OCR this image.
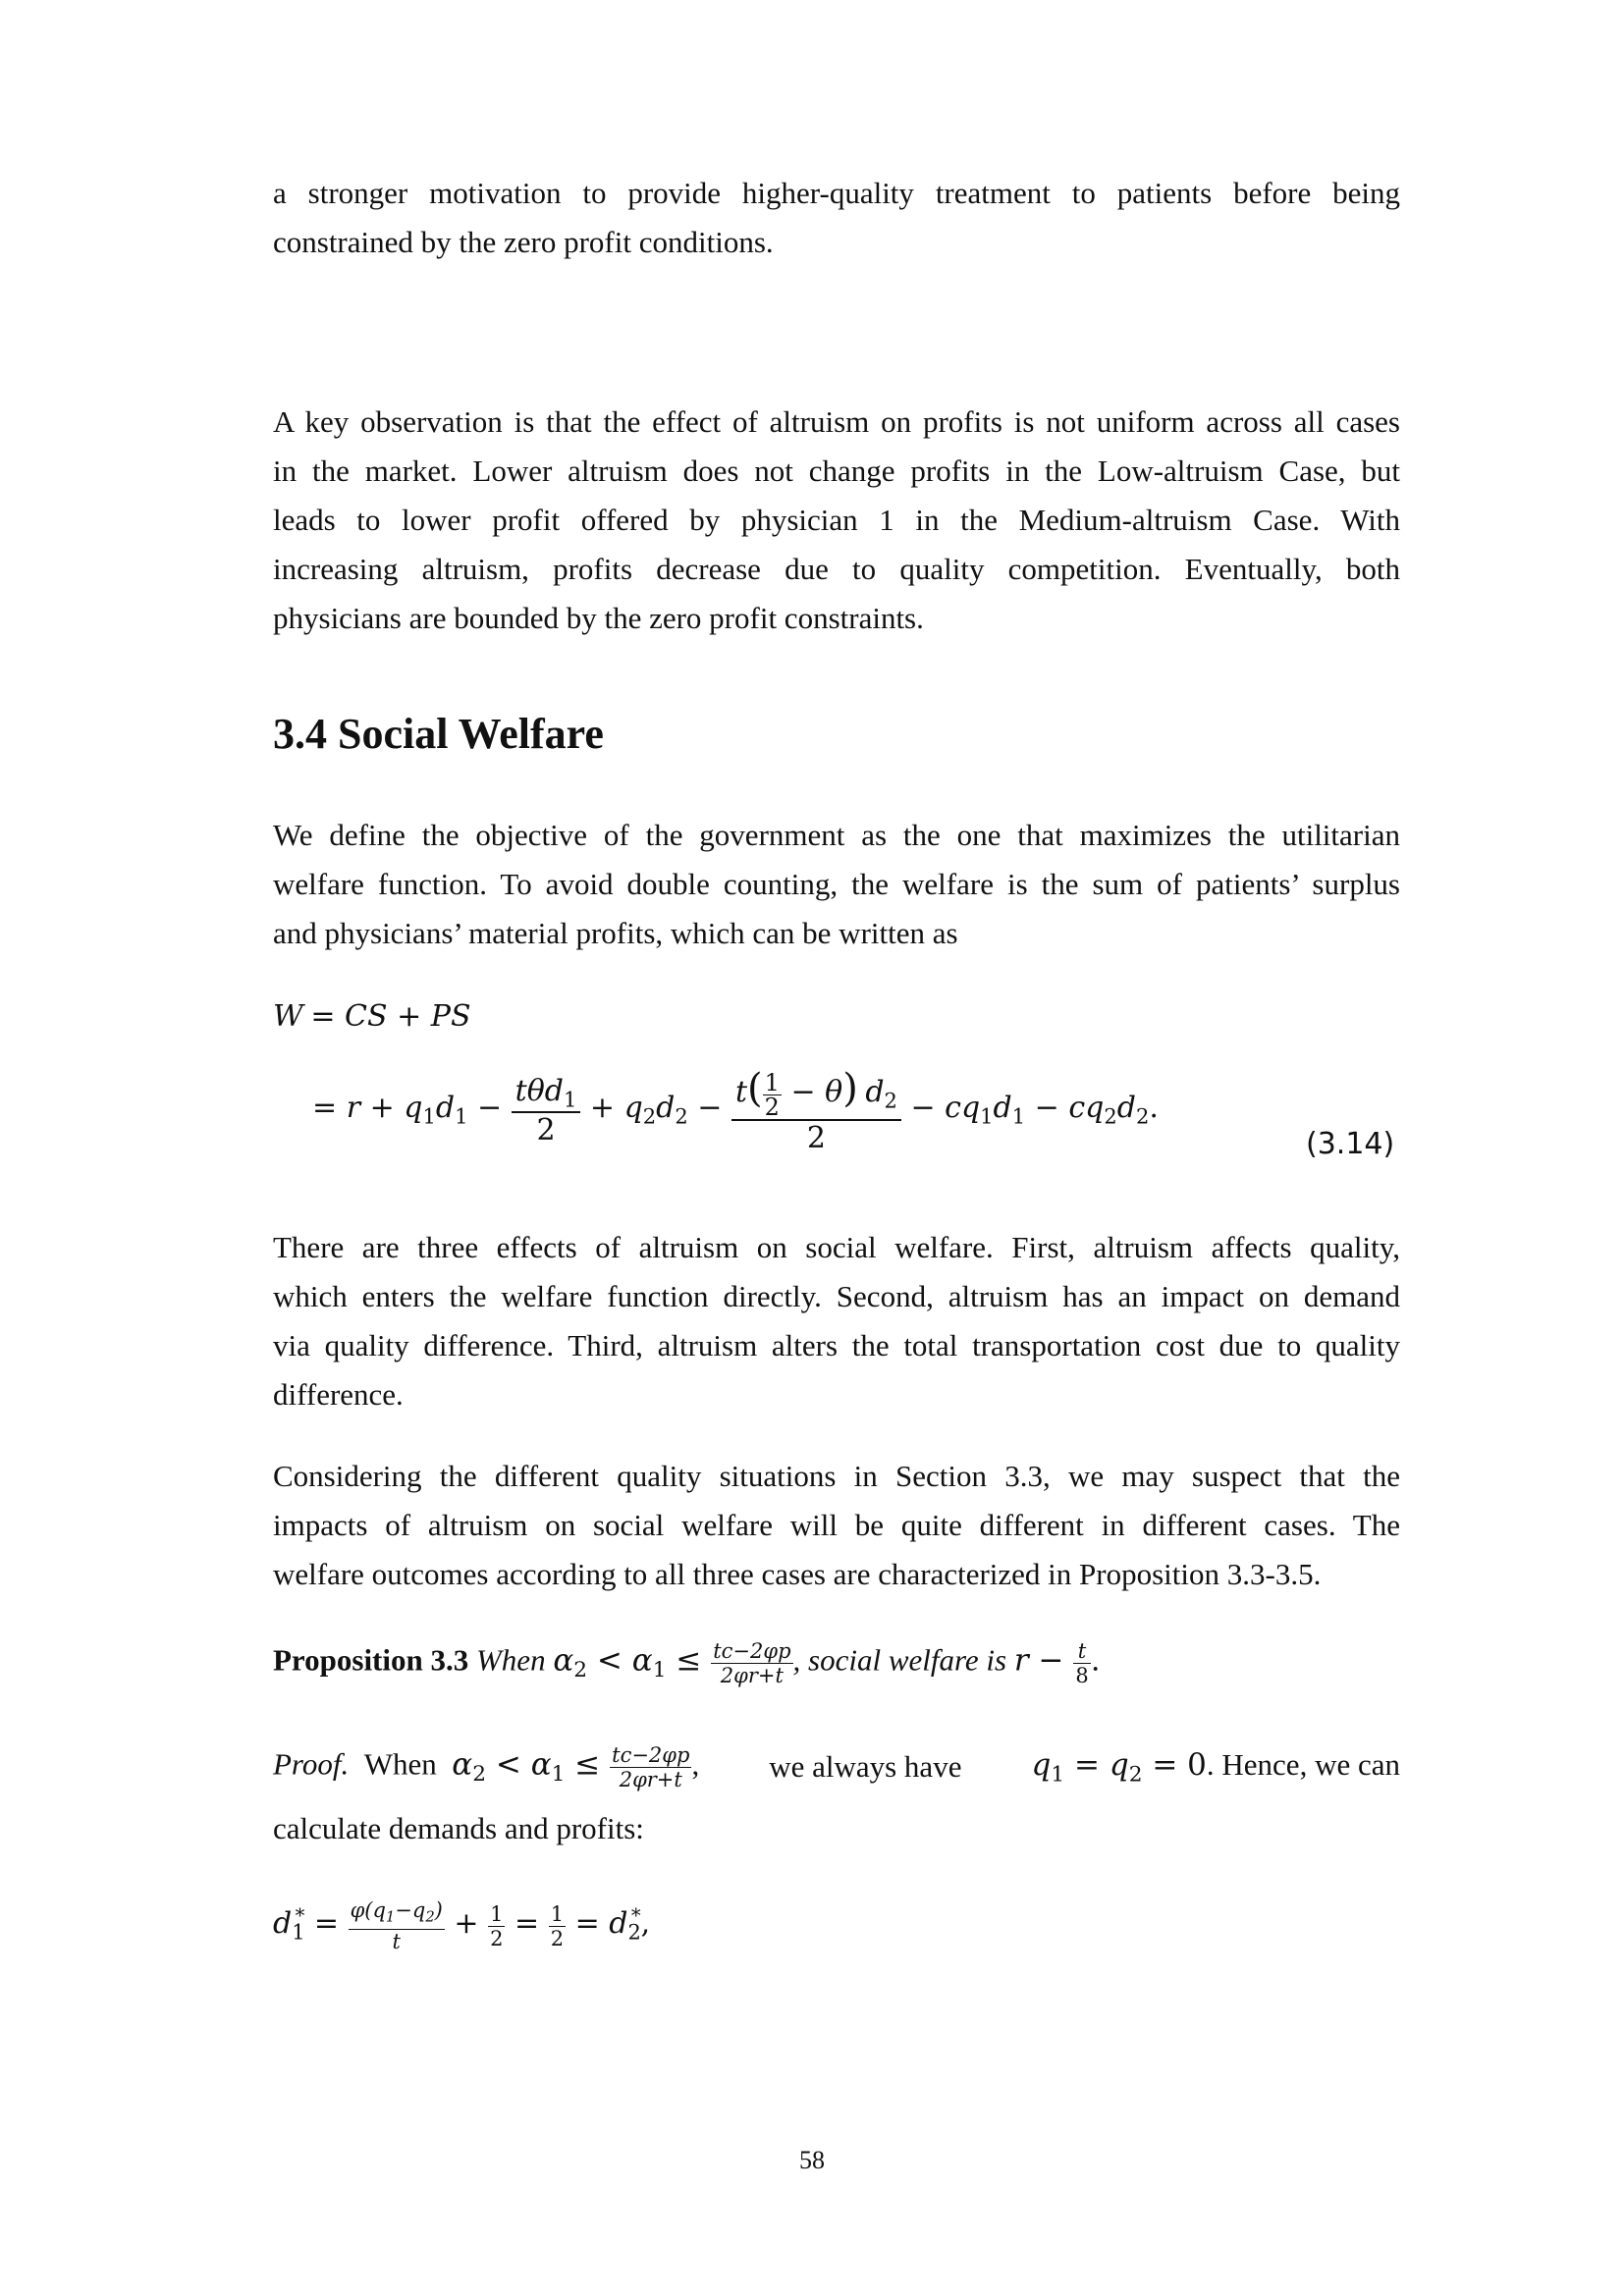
a stronger motivation to provide higher-quality treatment to patients before being
constrained by the zero profit conditions.

A key observation is that the effect of altruism on profits is not uniform across all cases
in the market. Lower altruism does not change profits in the Low-altruism Case, but
leads to lower profit offered by physician 1 in the Medium-altruism Case. With
increasing altruism, profits decrease due to quality competition. Eventually, both
physicians are bounded by the zero profit constraints.

3.4 Social Welfare

We define the objective of the government as the one that maximizes the utilitarian
welfare function. To avoid double counting, the welfare is the sum of patients’ surplus
and physicians’ material profits, which can be written as

W = CS + PS
= $r + q_1d_1 - \frac{t\theta d_1}{2} + q_2d_2 - \frac{t( \frac{1}{2} - \theta) d_2}{2} - cq_1d_1 - cq_2d_2$.
(3.14)

There are three effects of altruism on social welfare. First, altruism affects quality,
which enters the welfare function directly. Second, altruism has an impact on demand
via quality difference. Third, altruism alters the total transportation cost due to quality
difference.

Considering the different quality situations in Section 3.3, we may suspect that the
impacts of altruism on social welfare will be quite different in different cases. The
welfare outcomes according to all three cases are characterized in Proposition 3.3-3.5.

Proposition 3.3 When $\alpha_2 < \alpha_1 \le \frac{tc-2\varphi p}{2\varphi r+t}$ , social welfare is $r - \frac{t}{8}$ .
Proof. When $\alpha_2 < \alpha_1 \le \frac{tc-2\varphi p}{2\varphi r+t}$ , we always have $q_1 = q_2 = 0$. Hence, we can
calculate demands and profits:
$d_1^* = \frac{\varphi(q_1-q_2)}{t} + \frac{1}{2} = \frac{1}{2} = d_2^*$,
58
